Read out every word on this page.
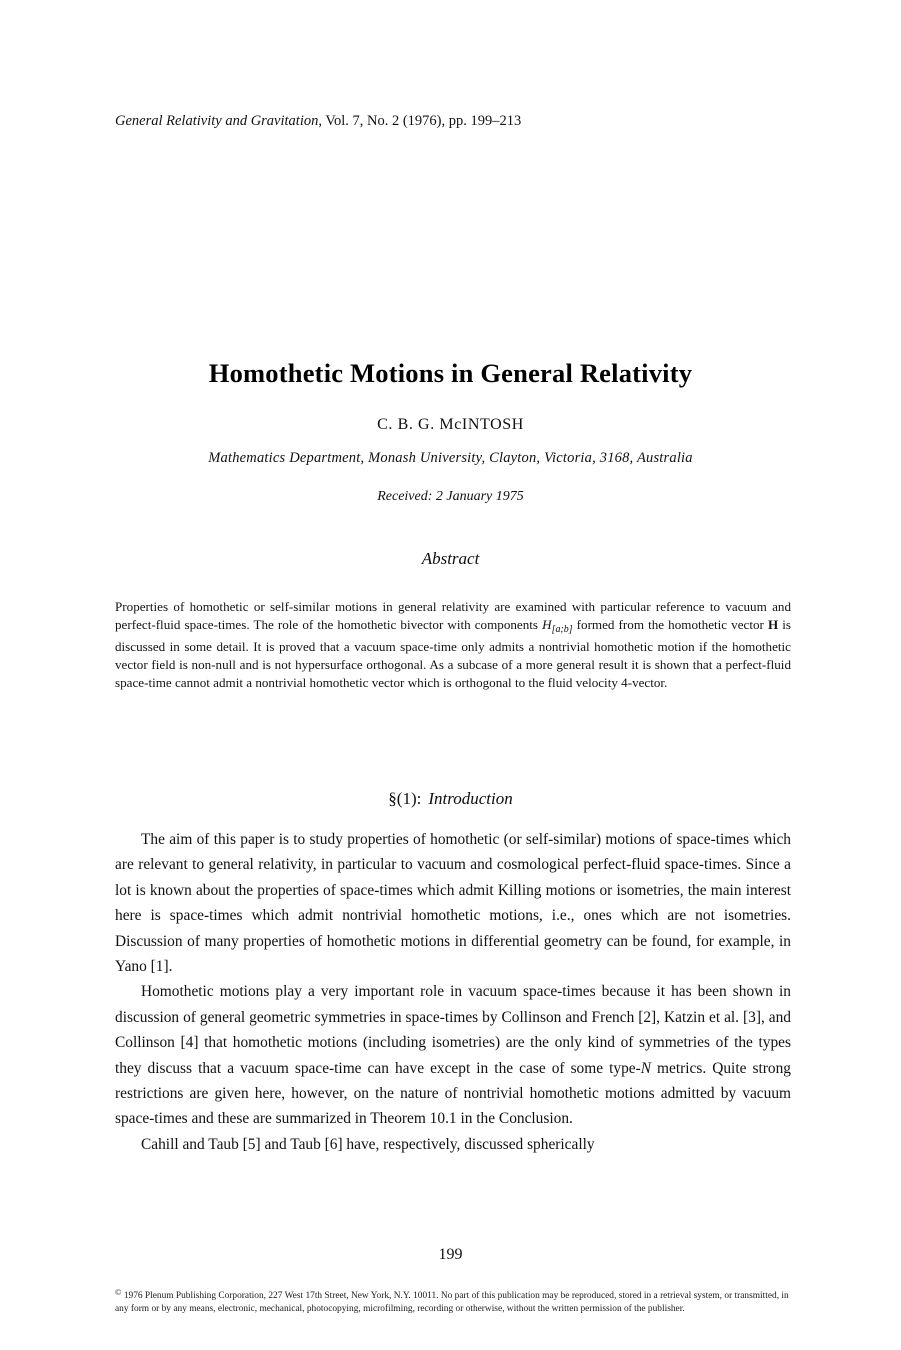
General Relativity and Gravitation, Vol. 7, No. 2 (1976), pp. 199–213
Homothetic Motions in General Relativity
C. B. G. McINTOSH
Mathematics Department, Monash University, Clayton, Victoria, 3168, Australia
Received: 2 January 1975
Abstract
Properties of homothetic or self-similar motions in general relativity are examined with particular reference to vacuum and perfect-fluid space-times. The role of the homothetic bivector with components $H_{[a;b]}$ formed from the homothetic vector H is discussed in some detail. It is proved that a vacuum space-time only admits a nontrivial homothetic motion if the homothetic vector field is non-null and is not hypersurface orthogonal. As a subcase of a more general result it is shown that a perfect-fluid space-time cannot admit a nontrivial homothetic vector which is orthogonal to the fluid velocity 4-vector.
§(1): Introduction

The aim of this paper is to study properties of homothetic (or self-similar) motions of space-times which are relevant to general relativity, in particular to vacuum and cosmological perfect-fluid space-times. Since a lot is known about the properties of space-times which admit Killing motions or isometries, the main interest here is space-times which admit nontrivial homothetic motions, i.e., ones which are not isometries. Discussion of many properties of homothetic motions in differential geometry can be found, for example, in Yano [1].

Homothetic motions play a very important role in vacuum space-times because it has been shown in discussion of general geometric symmetries in space-times by Collinson and French [2], Katzin et al. [3], and Collinson [4] that homothetic motions (including isometries) are the only kind of symmetries of the types they discuss that a vacuum space-time can have except in the case of some type-N metrics. Quite strong restrictions are given here, however, on the nature of nontrivial homothetic motions admitted by vacuum space-times and these are summarized in Theorem 10.1 in the Conclusion.

Cahill and Taub [5] and Taub [6] have, respectively, discussed spherically

199
© 1976 Plenum Publishing Corporation, 227 West 17th Street, New York, N.Y. 10011. No part of this publication may be reproduced, stored in a retrieval system, or transmitted, in any form or by any means, electronic, mechanical, photocopying, microfilming, recording or otherwise, without the written permission of the publisher.
